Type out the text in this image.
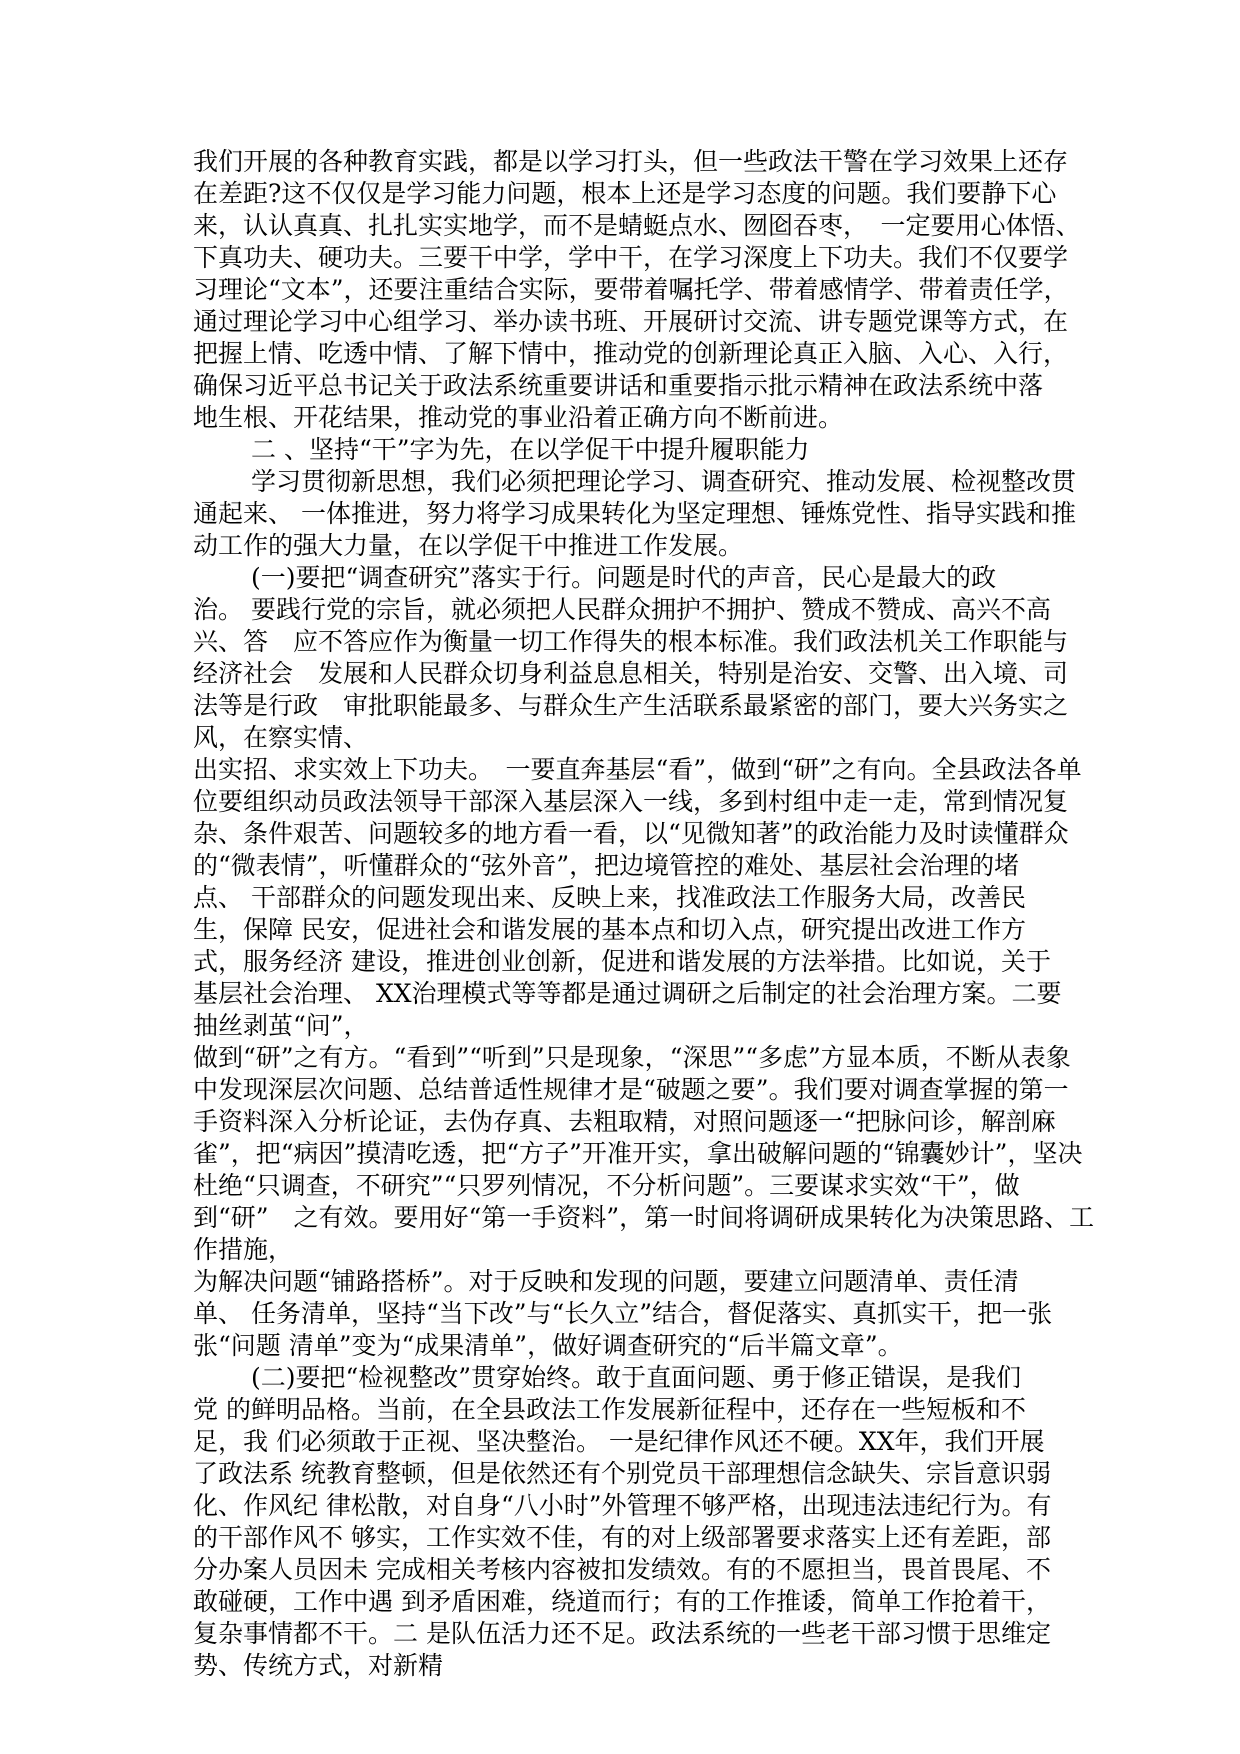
我们开展的各种教育实践，都是以学习打头，但一些政法干警在学习效果上还存
在差距?这不仅仅是学习能力问题，根本上还是学习态度的问题。我们要静下心
来，认认真真、扎扎实实地学，而不是蜻蜓点水、囫囵吞枣，　一定要用心体悟、
下真功夫、硬功夫。三要干中学，学中干，在学习深度上下功夫。我们不仅要学
习理论“文本”，还要注重结合实际，要带着嘱托学、带着感情学、带着责任学，
通过理论学习中心组学习、举办读书班、开展研讨交流、讲专题党课等方式，在
把握上情、吃透中情、了解下情中，推动党的创新理论真正入脑、入心、入行，
确保习近平总书记关于政法系统重要讲话和重要指示批示精神在政法系统中落
地生根、开花结果，推动党的事业沿着正确方向不断前进。
二 、坚持“干”字为先，在以学促干中提升履职能力
学习贯彻新思想，我们必须把理论学习、调查研究、推动发展、检视整改贯
通起来、 一体推进，努力将学习成果转化为坚定理想、锤炼党性、指导实践和推
动工作的强大力量，在以学促干中推进工作发展。
(一)要把“调查研究”落实于行。问题是时代的声音，民心是最大的政
治。 要践行党的宗旨，就必须把人民群众拥护不拥护、赞成不赞成、高兴不高
兴、答　应不答应作为衡量一切工作得失的根本标准。我们政法机关工作职能与
经济社会　发展和人民群众切身利益息息相关，特别是治安、交警、出入境、司
法等是行政　审批职能最多、与群众生产生活联系最紧密的部门，要大兴务实之
风，在察实情、
出实招、求实效上下功夫。　一要直奔基层“看”，做到“研”之有向。全县政法各单
位要组织动员政法领导干部深入基层深入一线，多到村组中走一走，常到情况复
杂、条件艰苦、问题较多的地方看一看，以“见微知著”的政治能力及时读懂群众
的“微表情”，听懂群众的“弦外音”，把边境管控的难处、基层社会治理的堵
点、 干部群众的问题发现出来、反映上来，找准政法工作服务大局，改善民
生，保障 民安，促进社会和谐发展的基本点和切入点，研究提出改进工作方
式，服务经济 建设，推进创业创新，促进和谐发展的方法举措。比如说，关于
基层社会治理、 XX治理模式等等都是通过调研之后制定的社会治理方案。二要
抽丝剥茧“问”，
做到“研”之有方。“看到”“听到”只是现象，“深思”“多虑”方显本质，不断从表象
中发现深层次问题、总结普适性规律才是“破题之要”。我们要对调查掌握的第一
手资料深入分析论证，去伪存真、去粗取精，对照问题逐一“把脉问诊，解剖麻
雀”，把“病因”摸清吃透，把“方子”开准开实，拿出破解问题的“锦囊妙计”，坚决
杜绝“只调查，不研究”“只罗列情况，不分析问题”。三要谋求实效“干”，做
到“研”　之有效。要用好“第一手资料”，第一时间将调研成果转化为决策思路、工
作措施，
为解决问题“铺路搭桥”。对于反映和发现的问题，要建立问题清单、责任清
单、 任务清单，坚持“当下改”与“长久立”结合，督促落实、真抓实干，把一张
张“问题 清单”变为“成果清单”，做好调查研究的“后半篇文章”。
(二)要把“检视整改”贯穿始终。敢于直面问题、勇于修正错误，是我们
党 的鲜明品格。当前，在全县政法工作发展新征程中，还存在一些短板和不
足，我 们必须敢于正视、坚决整治。 一是纪律作风还不硬。XX年，我们开展
了政法系 统教育整顿，但是依然还有个别党员干部理想信念缺失、宗旨意识弱
化、作风纪 律松散，对自身“八小时”外管理不够严格，出现违法违纪行为。有
的干部作风不 够实，工作实效不佳，有的对上级部署要求落实上还有差距，部
分办案人员因未 完成相关考核内容被扣发绩效。有的不愿担当，畏首畏尾、不
敢碰硬，工作中遇 到矛盾困难，绕道而行；有的工作推诿，简单工作抢着干，
复杂事情都不干。二 是队伍活力还不足。政法系统的一些老干部习惯于思维定
势、传统方式，对新精
